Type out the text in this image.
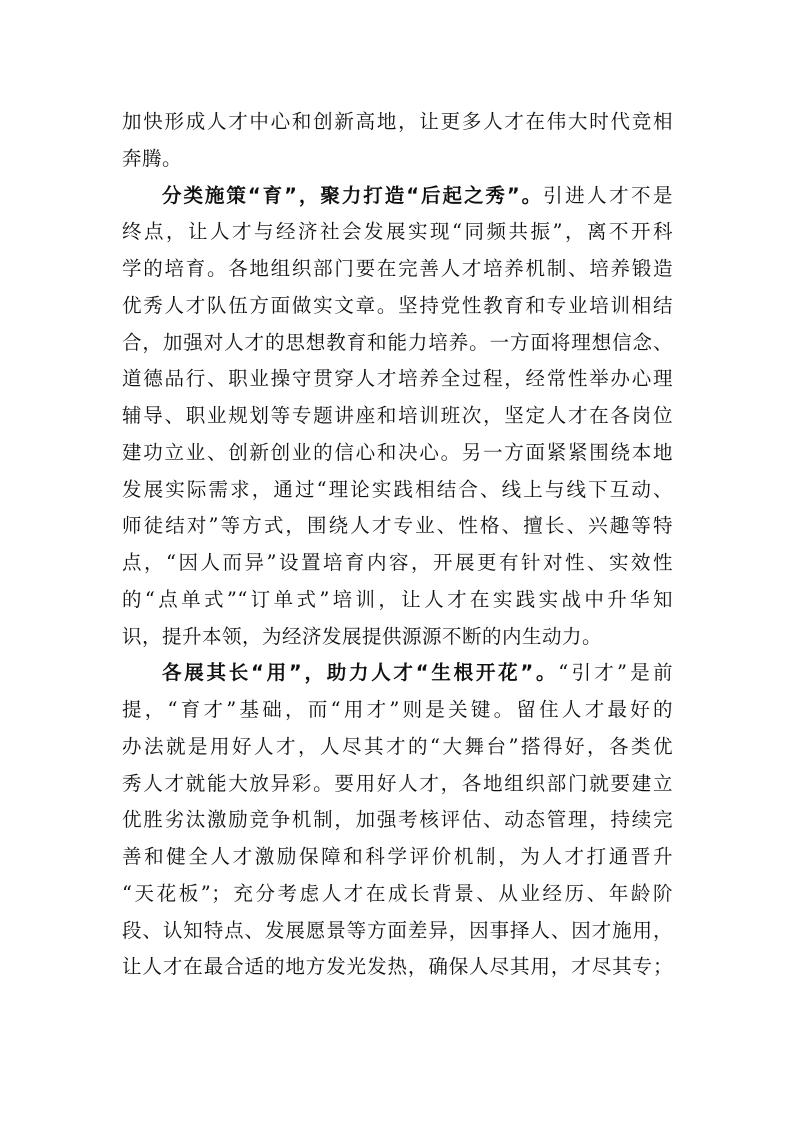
加快形成人才中心和创新高地，让更多人才在伟大时代竞相
奔腾。
分类施策“育”，聚力打造“后起之秀”。引进人才不是
终点，让人才与经济社会发展实现“同频共振”，离不开科
学的培育。各地组织部门要在完善人才培养机制、培养锻造
优秀人才队伍方面做实文章。坚持党性教育和专业培训相结
合，加强对人才的思想教育和能力培养。一方面将理想信念、
道德品行、职业操守贯穿人才培养全过程，经常性举办心理
辅导、职业规划等专题讲座和培训班次，坚定人才在各岗位
建功立业、创新创业的信心和决心。另一方面紧紧围绕本地
发展实际需求，通过“理论实践相结合、线上与线下互动、
师徒结对”等方式，围绕人才专业、性格、擅长、兴趣等特
点，“因人而异”设置培育内容，开展更有针对性、实效性
的“点单式”“订单式”培训，让人才在实践实战中升华知
识，提升本领，为经济发展提供源源不断的内生动力。
各展其长“用”，助力人才“生根开花”。“引才”是前
提，“育才”基础，而“用才”则是关键。留住人才最好的
办法就是用好人才，人尽其才的“大舞台”搭得好，各类优
秀人才就能大放异彩。要用好人才，各地组织部门就要建立
优胜劣汰激励竞争机制，加强考核评估、动态管理，持续完
善和健全人才激励保障和科学评价机制，为人才打通晋升
“天花板”；充分考虑人才在成长背景、从业经历、年龄阶
段、认知特点、发展愿景等方面差异，因事择人、因才施用，
让人才在最合适的地方发光发热，确保人尽其用，才尽其专；
